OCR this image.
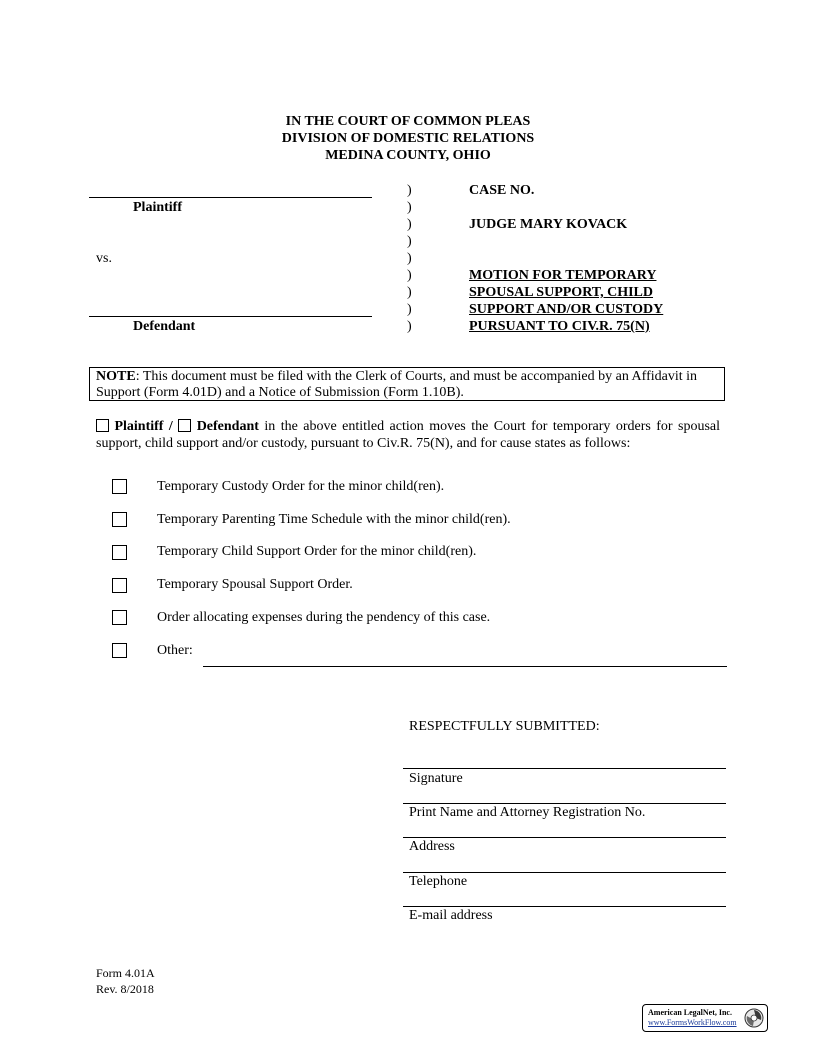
IN THE COURT OF COMMON PLEAS
DIVISION OF DOMESTIC RELATIONS
MEDINA COUNTY, OHIO
Plaintiff
vs.
Defendant
)
)
)
)
)
)
)
)
)
CASE NO.
JUDGE MARY KOVACK
MOTION FOR TEMPORARY
SPOUSAL SUPPORT, CHILD
SUPPORT AND/OR CUSTODY
PURSUANT TO CIV.R. 75(N)
NOTE: This document must be filed with the Clerk of Courts, and must be accompanied by an Affidavit in Support (Form 4.01D) and a Notice of Submission (Form 1.10B).
Plaintiff /  Defendant in the above entitled action moves the Court for temporary orders for spousal support, child support and/or custody, pursuant to Civ.R. 75(N), and for cause states as follows:
Temporary Custody Order for the minor child(ren).
Temporary Parenting Time Schedule with the minor child(ren).
Temporary Child Support Order for the minor child(ren).
Temporary Spousal Support Order.
Order allocating expenses during the pendency of this case.
Other:
RESPECTFULLY SUBMITTED:
Signature
Print Name and Attorney Registration No.
Address
Telephone
E-mail address
Form 4.01A
Rev. 8/2018
American LegalNet, Inc.
www.FormsWorkFlow.com
